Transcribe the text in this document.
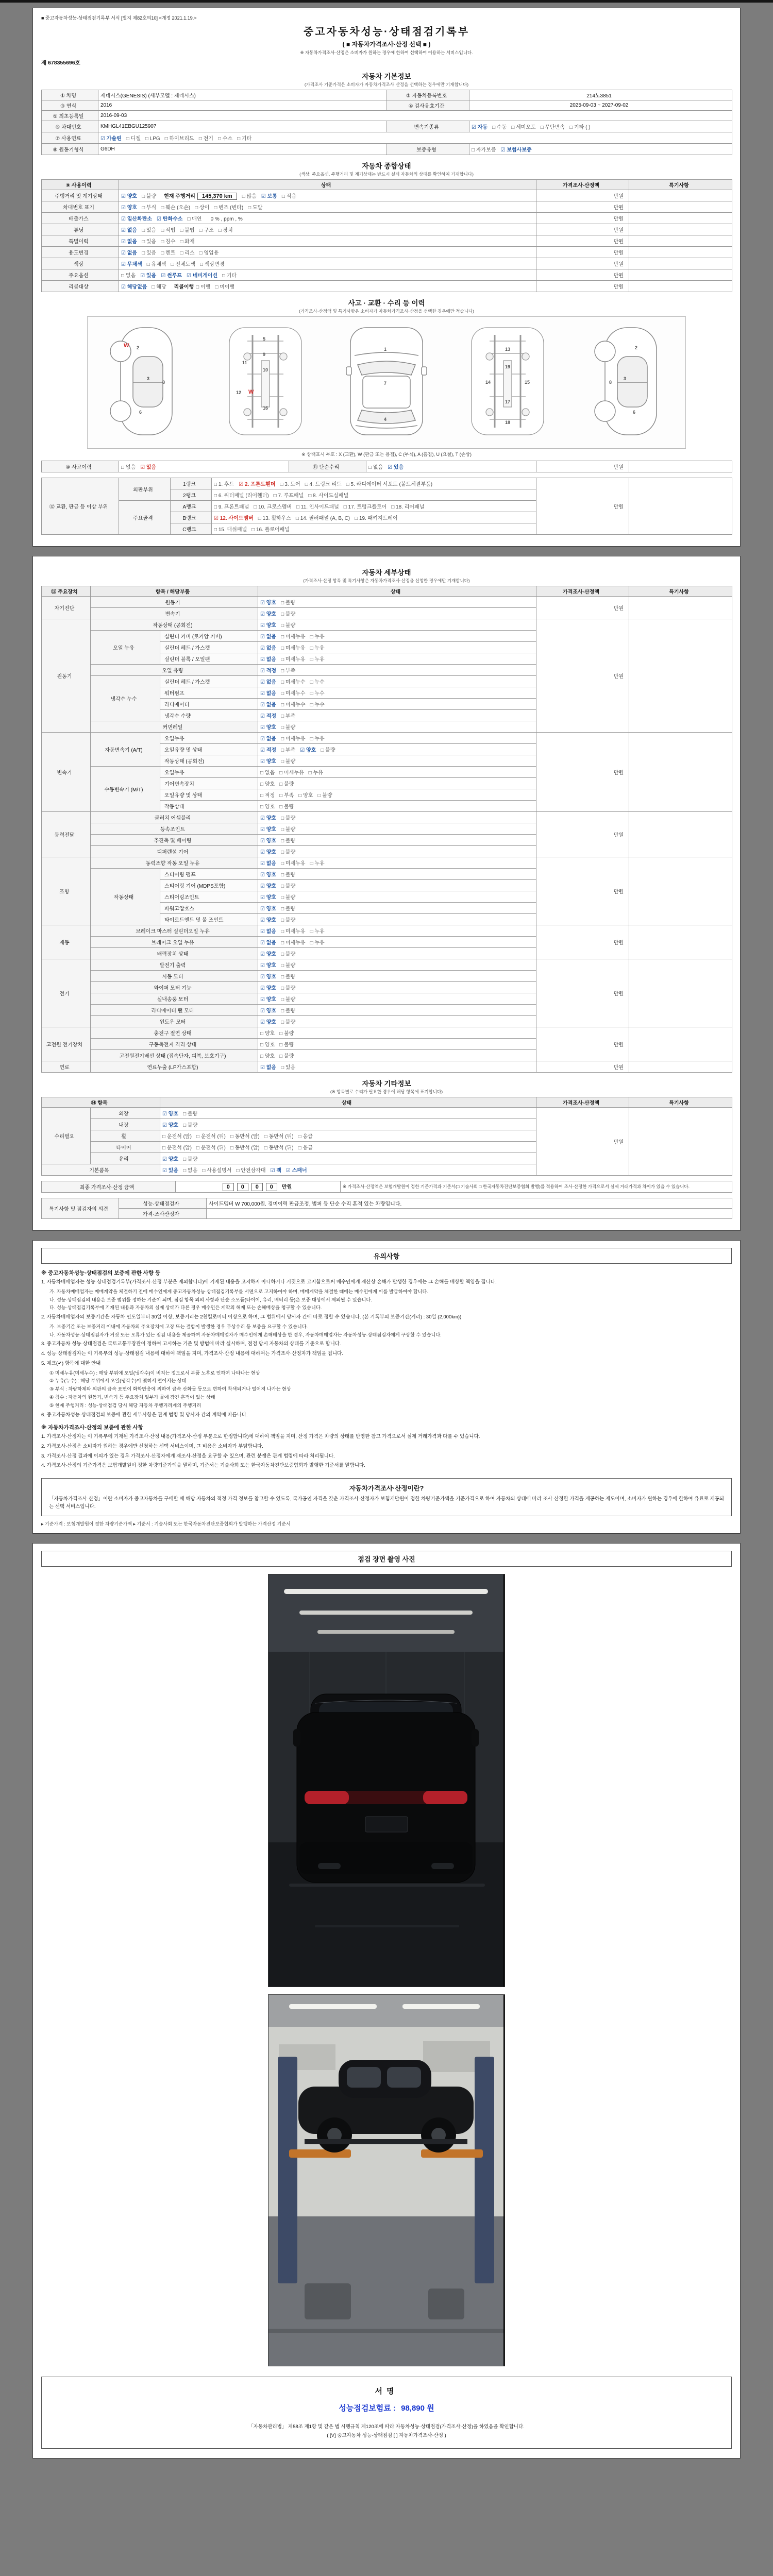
■ 중고자동차성능·상태점검기록부 서식 [별지 제82호의10] <개정 2021.1.19.>
중고자동차성능·상태점검기록부
( ■ 자동차가격조사·산정 선택 ■ )
※ 자동차가격조사·산정은 소비자가 원하는 경우에 한하여 선택하여 이용하는 서비스입니다.
제 678355696호
자동차 기본정보
(가격조사 기준가격은 소비자가 자동차가격조사·산정을 선택하는 경우에만 기재합니다)
① 차명	제네시스(GENESIS) (세부모델 : 제네시스)	② 자동차등록번호	214노3851
③ 연식	2016	④ 검사유효기간	2025-09-03 ~ 2027-09-02
⑤ 최초등록일	2016-09-03		
⑥ 차대번호	KMHGL41EBGU125907	변속기종류	☑ 자동 □ 수동 □ 세미오토 □ 무단변속 □ 기타 ( )
⑦ 사용연료	☑ 가솔린 □ 디젤 □ LPG □ 하이브리드 □ 전기 □ 수소 □ 기타		
⑧ 원동기형식	G6DH	보증유형	□ 자가보증 ☑ 보험사보증
자동차 종합상태
(색상, 주요옵션, 주행거리 및 계기상태는 반드시 실제 자동차의 상태를 확인하여 기재합니다)
⑨ 사용이력	상태	가격조사·산정액	특기사항
주행거리 및 계기상태	☑ 양호 □ 불량 현재 주행거리 145,370 km □ 많음 ☑ 보통 □ 적음	만원	
차대번호 표기	☑ 양호 □ 부식 □ 훼손 (오손) □ 상이 □ 변조 (변타) □ 도말	만원	
배출가스	☑ 일산화탄소 ☑ 탄화수소 □ 매연 0 % , ppm , %	만원	
튜닝	☑ 없음 □ 있음 □ 적법 □ 불법 □ 구조 □ 장치	만원	
특별이력	☑ 없음 □ 있음 □ 침수 □ 화재	만원	
용도변경	☑ 없음 □ 있음 □ 렌트 □ 리스 □ 영업용	만원	
색상	☑ 무채색 □ 유채색 □ 전체도색 □ 색상변경	만원	
주요옵션	□ 없음 ☑ 있음 ☑ 썬루프 ☑ 네비게이션 □ 기타	만원	
리콜대상	☑ 해당없음 □ 해당 리콜이행 □ 이행 □ 미이행	만원	
사고 · 교환 · 수리 등 이력
(가격조사·산정액 및 특기사항은 소비자가 자동차가격조사·산정을 선택한 경우에만 적습니다)
2
3
6
8
5
9
10
11
12
16
1
7
4
19
13
14	15
17
18
2
3
6
8
W
W
※ 상태표시 부호 : X (교환), W (판금 또는 용접), C (부식), A (흠집), U (요철), T (손상)
⑩ 사고이력	□ 없음 ☑ 있음	⑪ 단순수리	□ 없음 ☑ 있음	만원	
⑫ 교환, 판금 등 이상 부위	외판부위	1랭크	□ 1. 후드 ☑ 2. 프론트휀더 □ 3. 도어 □ 4. 트렁크 리드 □ 5. 라디에이터 서포트 (볼트체결부품)	만원	
		2랭크	□ 6. 쿼터패널 (리어휀더) □ 7. 루프패널 □ 8. 사이드실패널		
	주요골격	A랭크	□ 9. 프론트패널 □ 10. 크로스멤버 □ 11. 인사이드패널 □ 17. 트렁크플로어 □ 18. 리어패널		
		B랭크	☑ 12. 사이드멤버 □ 13. 휠하우스 □ 14. 필러패널 (A, B, C) □ 19. 패키지트레이		
		C랭크	□ 15. 대쉬패널 □ 16. 플로어패널		
자동차 세부상태
(가격조사·산정 항목 및 특기사항은 자동차가격조사·산정을 신청한 경우에만 기재합니다)
⑬ 주요장치	항목 / 해당부품		상태	가격조사·산정액	특기사항
자기진단	원동기		☑ 양호 □ 불량	만원	
	변속기		☑ 양호 □ 불량		
원동기	작동상태 (공회전)		☑ 양호 □ 불량	만원	
	오일 누유	실린더 커버 (로커암 커버)	☑ 없음 □ 미세누유 □ 누유		
		실린더 헤드 / 가스켓	☑ 없음 □ 미세누유 □ 누유		
		실린더 블록 / 오일팬	☑ 없음 □ 미세누유 □ 누유		
	오일 유량		☑ 적정 □ 부족		
	냉각수 누수	실린더 헤드 / 가스켓	☑ 없음 □ 미세누수 □ 누수		
		워터펌프	☑ 없음 □ 미세누수 □ 누수		
		라디에이터	☑ 없음 □ 미세누수 □ 누수		
		냉각수 수량	☑ 적정 □ 부족		
	커먼레일		☑ 양호 □ 불량		
변속기	자동변속기 (A/T)	오일누유	☑ 없음 □ 미세누유 □ 누유	만원	
		오일유량 및 상태	☑ 적정 □ 부족 ☑ 양호 □ 불량		
		작동상태 (공회전)	☑ 양호 □ 불량		
	수동변속기 (M/T)	오일누유	□ 없음 □ 미세누유 □ 누유		
		기어변속장치	□ 양호 □ 불량		
		오일유량 및 상태	□ 적정 □ 부족 □ 양호 □ 불량		
		작동상태	□ 양호 □ 불량		
동력전달	클러치 어셈블리		☑ 양호 □ 불량	만원	
	등속조인트		☑ 양호 □ 불량		
	추진축 및 베어링		☑ 양호 □ 불량		
	디퍼렌셜 기어		☑ 양호 □ 불량		
조향	동력조향 작동 오일 누유		☑ 없음 □ 미세누유 □ 누유	만원	
	작동상태	스티어링 펌프	☑ 양호 □ 불량		
		스티어링 기어 (MDPS포함)	☑ 양호 □ 불량		
		스티어링조인트	☑ 양호 □ 불량		
		파워고압호스	☑ 양호 □ 불량		
		타이로드엔드 및 볼 조인트	☑ 양호 □ 불량		
제동	브레이크 마스터 실린더오일 누유		☑ 없음 □ 미세누유 □ 누유	만원	
	브레이크 오일 누유		☑ 없음 □ 미세누유 □ 누유		
	배력장치 상태		☑ 양호 □ 불량		
전기	발전기 출력		☑ 양호 □ 불량	만원	
	시동 모터		☑ 양호 □ 불량		
	와이퍼 모터 기능		☑ 양호 □ 불량		
	실내송풍 모터		☑ 양호 □ 불량		
	라디에이터 팬 모터		☑ 양호 □ 불량		
	윈도우 모터		☑ 양호 □ 불량		
고전원 전기장치	충전구 절연 상태		□ 양호 □ 불량	만원	
	구동축전지 격리 상태		□ 양호 □ 불량		
	고전원전기배선 상태 (접속단자, 피복, 보호기구)		□ 양호 □ 불량		
연료	연료누출 (LP가스포함)		☑ 없음 □ 있음	만원	
자동차 기타정보
(※ 항목별로 수리가 필요한 경우에 해당 항목에 표기합니다)
⑭ 항목		상태	가격조사·산정액	특기사항
수리필요	외장	☑ 양호 □ 불량	만원	
	내장	☑ 양호 □ 불량		
	휠	□ 운전석 (앞) □ 운전석 (뒤) □ 동반석 (앞) □ 동반석 (뒤) □ 응급		
	타이어	□ 운전석 (앞) □ 운전석 (뒤) □ 동반석 (앞) □ 동반석 (뒤) □ 응급		
	유리	☑ 양호 □ 불량		
기본품목		☑ 있음 □ 없음 □ 사용설명서 □ 안전삼각대 ☑ 잭 ☑ 스패너		
최종 가격조사·산정 금액	0 0 0 0 만원	※ 가격조사·산정액은 보험개발원이 정한 기준가격과 기준서(□ 기술사회 □ 한국자동차진단보증협회 발행)를 적용하여 조사·산정한 가격으로서 실제 거래가격과 차이가 있을 수 있습니다.
특기사항 및 점검자의 의견	성능·상태점검자	사이드멤버 W 700,000원. 경미이력 판금조정, 범퍼 등 단순 수리 흔적 있는 차량입니다.
	가격·조사산정자	
유의사항
※ 중고자동차성능·상태점검의 보증에 관한 사항 등
1. 자동차매매업자는 성능·상태점검기록부(가격조사·산정 부분은 제외합니다)에 기재된 내용을 고지하지 아니하거나 거짓으로 고지함으로써 매수인에게 재산상 손해가 발생한 경우에는 그 손해를 배상할 책임을 집니다.
가. 자동차매매업자는 매매계약을 체결하기 전에 매수인에게 중고자동차성능·상태점검기록부를 서면으로 고지하여야 하며, 매매계약을 체결한 때에는 매수인에게 이를 발급하여야 합니다.
나. 성능·상태점검의 내용은 보증 범위를 정하는 기준이 되며, 점검 항목 외의 사항과 단순 소모품(타이어, 유리, 배터리 등)은 보증 대상에서 제외될 수 있습니다.
다. 성능·상태점검기록부에 기재된 내용과 자동차의 실제 상태가 다른 경우 매수인은 계약의 해제 또는 손해배상을 청구할 수 있습니다.
2. 자동차매매업자의 보증기간은 자동차 인도일부터 30일 이상, 보증거리는 2천킬로미터 이상으로 하며, 그 범위에서 당사자 간에 따로 정할 수 있습니다. (본 기록부의 보증기간(거리) : 30일 (2,000km))
가. 보증기간 또는 보증거리 이내에 자동차의 주요장치에 고장 또는 결함이 발생한 경우 무상수리 등 보증을 요구할 수 있습니다.
나. 자동차성능·상태점검자가 거짓 또는 오류가 있는 점검 내용을 제공하여 자동차매매업자가 매수인에게 손해배상을 한 경우, 자동차매매업자는 자동차성능·상태점검자에게 구상할 수 있습니다.
3. 중고자동차 성능·상태점검은 국토교통부장관이 정하여 고시하는 기준 및 방법에 따라 실시하며, 점검 당시 자동차의 상태를 기준으로 합니다.
4. 성능·상태점검자는 이 기록부의 성능·상태점검 내용에 대하여 책임을 지며, 가격조사·산정 내용에 대하여는 가격조사·산정자가 책임을 집니다.
5. 체크(✔) 항목에 대한 안내
① 미세누유(미세누수) : 해당 부위에 오일(냉각수)이 비치는 정도로서 부품 노후로 인하여 나타나는 현상
② 누유(누수) : 해당 부위에서 오일(냉각수)이 맺혀서 떨어지는 상태
③ 부식 : 차량하체와 외판의 금속 표면이 화학반응에 의하여 금속 산화물 등으로 변하여 착색되거나 떨어져 나가는 현상
④ 침수 : 자동차의 원동기, 변속기 등 주요장치 일부가 물에 잠긴 흔적이 있는 상태
⑤ 현재 주행거리 : 성능·상태점검 당시 해당 자동차 주행거리계의 주행거리
6. 중고자동차성능·상태점검의 보증에 관한 세부사항은 관계 법령 및 당사자 간의 계약에 따릅니다.
※ 자동차가격조사·산정의 보증에 관한 사항
1. 가격조사·산정자는 이 기록부에 기재된 가격조사·산정 내용(가격조사·산정 부분으로 한정합니다)에 대하여 책임을 지며, 산정 가격은 차량의 상태를 반영한 참고 가격으로서 실제 거래가격과 다를 수 있습니다.
2. 가격조사·산정은 소비자가 원하는 경우에만 신청하는 선택 서비스이며, 그 비용은 소비자가 부담합니다.
3. 가격조사·산정 결과에 이의가 있는 경우 가격조사·산정자에게 재조사·산정을 요구할 수 있으며, 관련 분쟁은 관계 법령에 따라 처리됩니다.
4. 가격조사·산정의 기준가격은 보험개발원이 정한 차량기준가액을 말하며, 기준서는 기술사회 또는 한국자동차진단보증협회가 발행한 기준서를 말합니다.
자동차가격조사·산정이란?
「자동차가격조사·산정」이란 소비자가 중고자동차를 구매할 때 해당 자동차의 적정 가격 정보를 참고할 수 있도록, 국가공인 자격을 갖춘 가격조사·산정자가 보험개발원이 정한 차량기준가액을 기준가격으로 하여 자동차의 상태에 따라 조사·산정한 가격을 제공하는 제도이며, 소비자가 원하는 경우에 한하여 유료로 제공되는 선택 서비스입니다.
▸ 기준가격 : 보험개발원이 정한 차량기준가액 ▸ 기준서 : 기술사회 또는 한국자동차진단보증협회가 발행하는 가격산정 기준서
점검 장면 촬영 사진
서명
성능점검보험료 : 98,890 원
「자동차관리법」 제58조 제1항 및 같은 법 시행규칙 제120조에 따라 자동차성능·상태점검(가격조사·산정)을 하였음을 확인합니다.
( [V] 중고자동차 성능·상태점검 [ ] 자동차가격조사·산정 )
